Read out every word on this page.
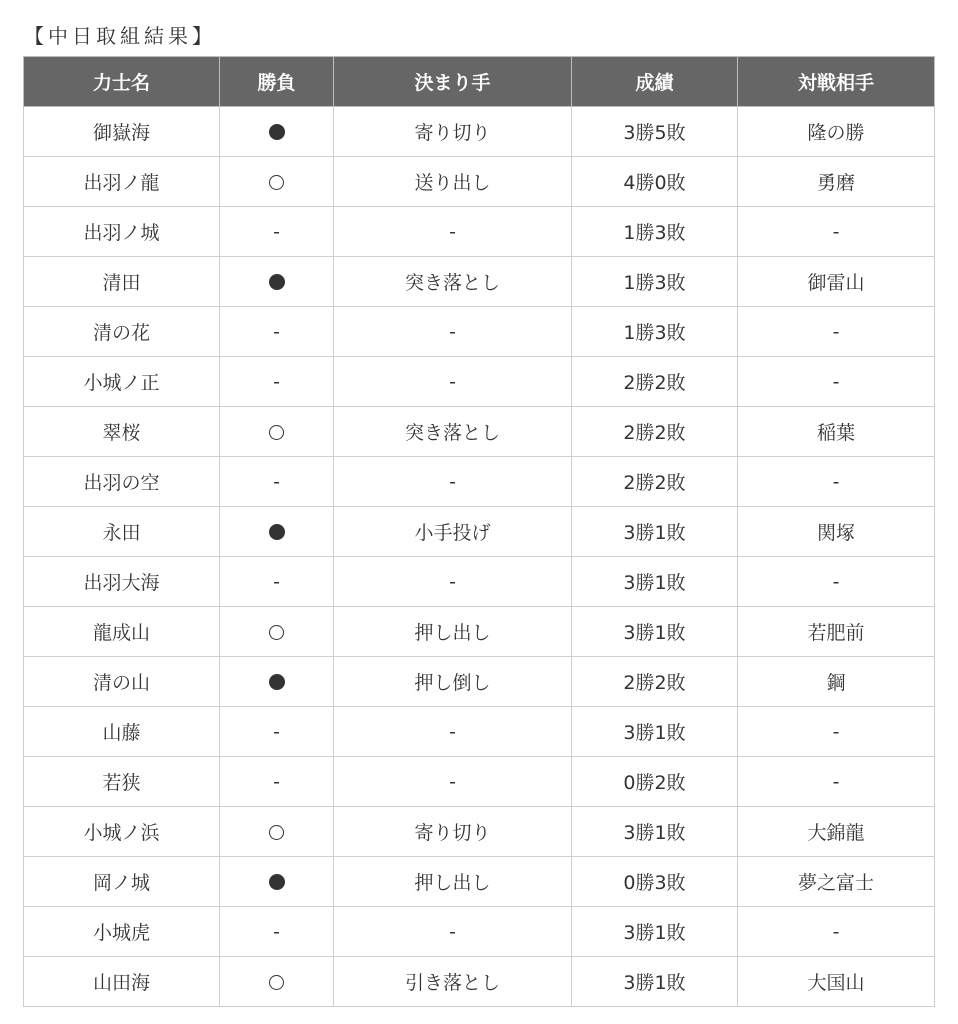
【中日取組結果】
力士名	勝負	決まり手	成績	対戦相手
御嶽海		寄り切り	3勝5敗	隆の勝
出羽ノ龍		送り出し	4勝0敗	勇磨
出羽ノ城	-	-	1勝3敗	-
清田		突き落とし	1勝3敗	御雷山
清の花	-	-	1勝3敗	-
小城ノ正	-	-	2勝2敗	-
翠桜		突き落とし	2勝2敗	稲葉
出羽の空	-	-	2勝2敗	-
永田		小手投げ	3勝1敗	関塚
出羽大海	-	-	3勝1敗	-
龍成山		押し出し	3勝1敗	若肥前
清の山		押し倒し	2勝2敗	鋼
山藤	-	-	3勝1敗	-
若狭	-	-	0勝2敗	-
小城ノ浜		寄り切り	3勝1敗	大錦龍
岡ノ城		押し出し	0勝3敗	夢之富士
小城虎	-	-	3勝1敗	-
山田海		引き落とし	3勝1敗	大国山
